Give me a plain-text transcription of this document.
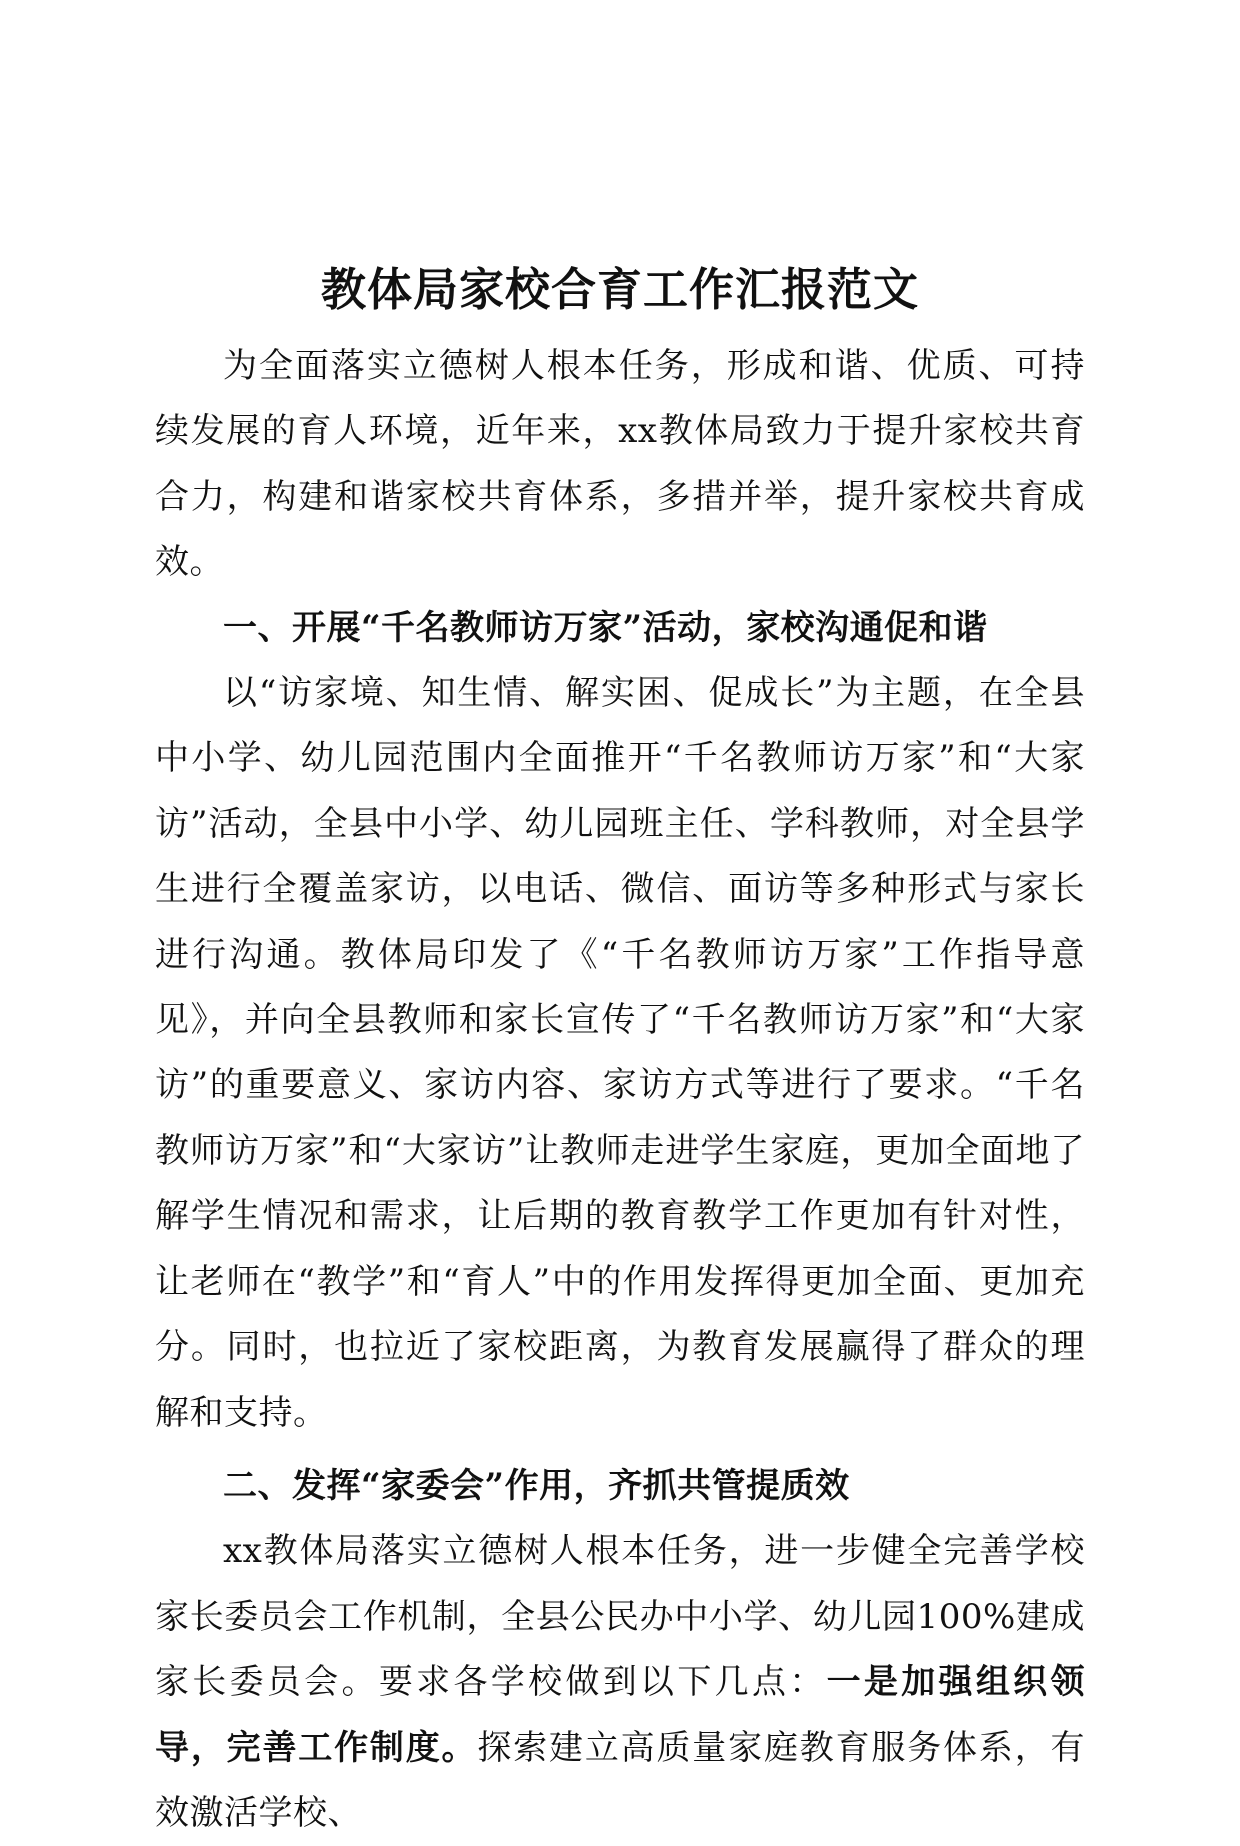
教体局家校合育工作汇报范文

为全面落实立德树人根本任务，形成和谐、优质、可持续发展的育人环境，近年来，xx教体局致力于提升家校共育合力，构建和谐家校共育体系，多措并举，提升家校共育成效。

一、开展“千名教师访万家”活动，家校沟通促和谐

以“访家境、知生情、解实困、促成长”为主题，在全县中小学、幼儿园范围内全面推开“千名教师访万家”和“大家访”活动，全县中小学、幼儿园班主任、学科教师，对全县学生进行全覆盖家访，以电话、微信、面访等多种形式与家长进行沟通。教体局印发了《“千名教师访万家”工作指导意见》，并向全县教师和家长宣传了“千名教师访万家”和“大家访”的重要意义、家访内容、家访方式等进行了要求。“千名教师访万家”和“大家访”让教师走进学生家庭，更加全面地了解学生情况和需求，让后期的教育教学工作更加有针对性，让老师在“教学”和“育人”中的作用发挥得更加全面、更加充分。同时，也拉近了家校距离，为教育发展赢得了群众的理解和支持。

二、发挥“家委会”作用，齐抓共管提质效

xx教体局落实立德树人根本任务，进一步健全完善学校家长委员会工作机制，全县公民办中小学、幼儿园100%建成家长委员会。要求各学校做到以下几点：一是加强组织领导，完善工作制度。探索建立高质量家庭教育服务体系，有效激活学校、
